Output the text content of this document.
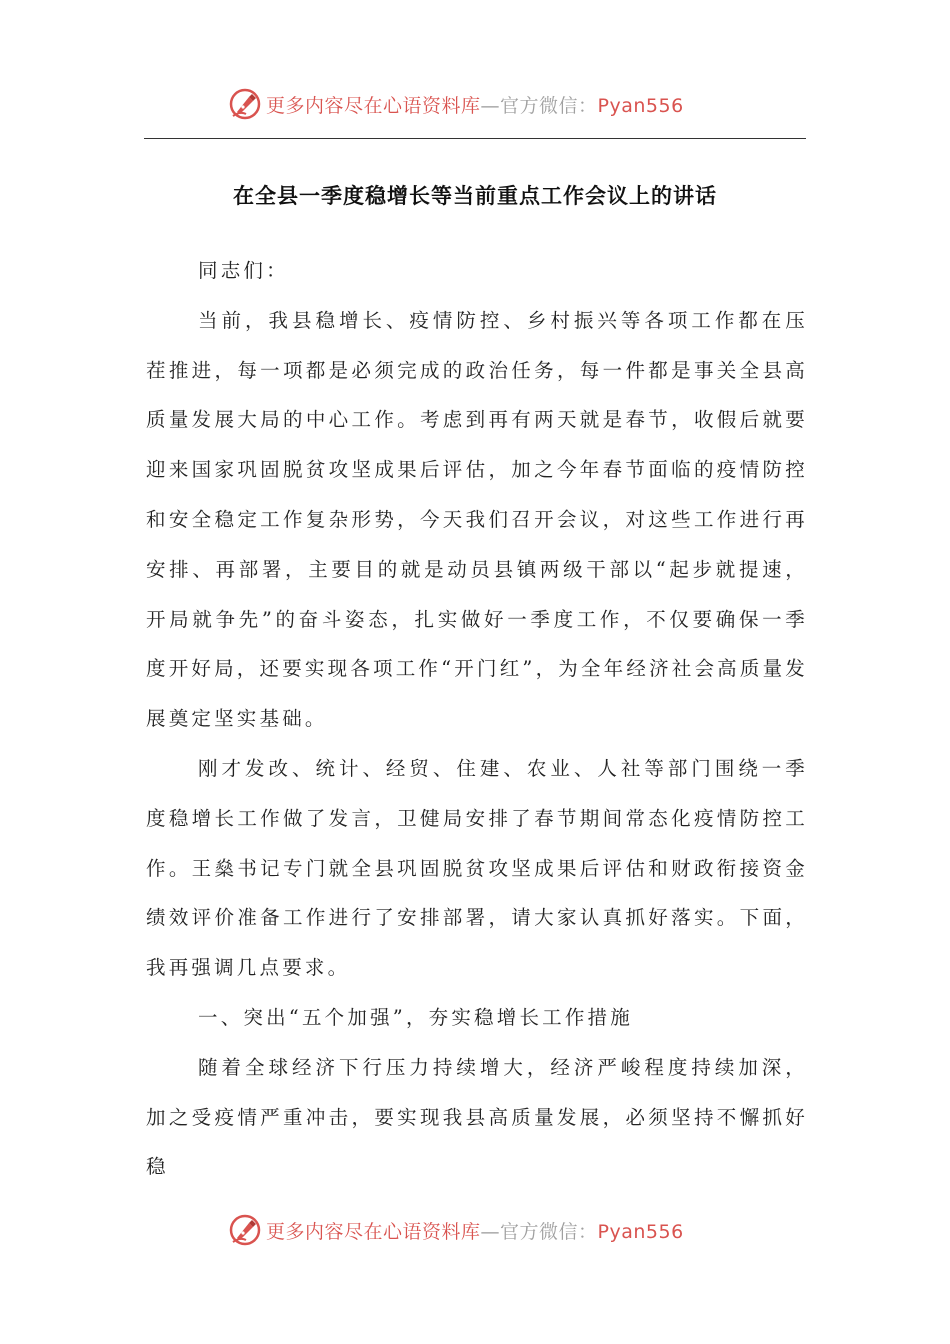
更多内容尽在心语资料库—官方微信：Pyan556
在全县一季度稳增长等当前重点工作会议上的讲话

同志们：

当前，我县稳增长、疫情防控、乡村振兴等各项工作都在压茬推进，每一项都是必须完成的政治任务，每一件都是事关全县高质量发展大局的中心工作。考虑到再有两天就是春节，收假后就要迎来国家巩固脱贫攻坚成果后评估，加之今年春节面临的疫情防控和安全稳定工作复杂形势，今天我们召开会议，对这些工作进行再安排、再部署，主要目的就是动员县镇两级干部以“起步就提速，开局就争先”的奋斗姿态，扎实做好一季度工作，不仅要确保一季度开好局，还要实现各项工作“开门红”，为全年经济社会高质量发展奠定坚实基础。

刚才发改、统计、经贸、住建、农业、人社等部门围绕一季度稳增长工作做了发言，卫健局安排了春节期间常态化疫情防控工作。王燊书记专门就全县巩固脱贫攻坚成果后评估和财政衔接资金绩效评价准备工作进行了安排部署，请大家认真抓好落实。下面，我再强调几点要求。

一、突出“五个加强”，夯实稳增长工作措施

随着全球经济下行压力持续增大，经济严峻程度持续加深，加之受疫情严重冲击，要实现我县高质量发展，必须坚持不懈抓好稳

更多内容尽在心语资料库—官方微信：Pyan556
